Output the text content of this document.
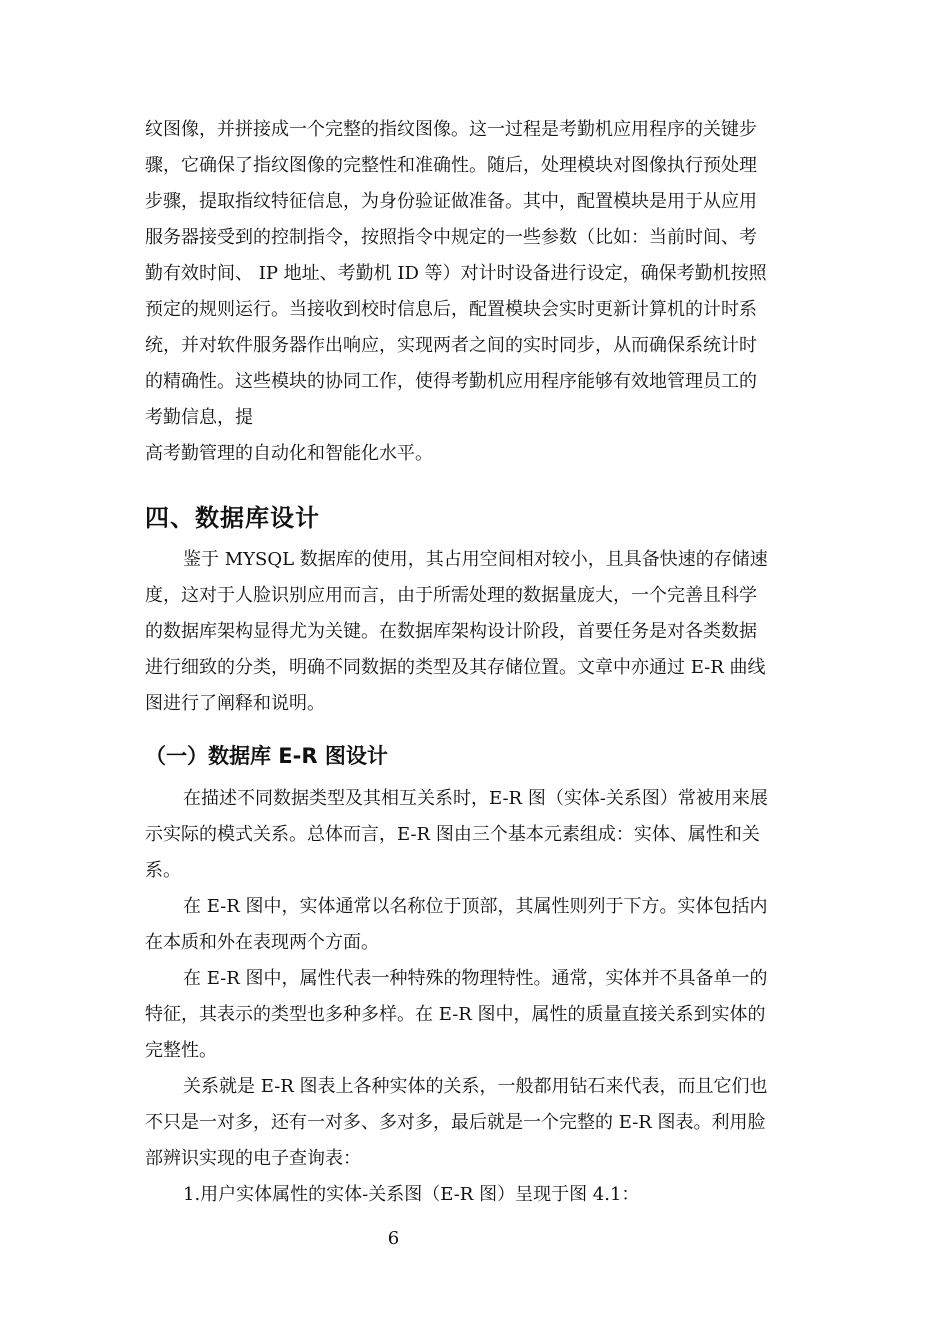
纹图像，并拼接成一个完整的指纹图像。这一过程是考勤机应用程序的关键步
骤，它确保了指纹图像的完整性和准确性。随后，处理模块对图像执行预处理
步骤，提取指纹特征信息，为身份验证做准备。其中，配置模块是用于从应用
服务器接受到的控制指令，按照指令中规定的一些参数（比如：当前时间、考
勤有效时间、 IP 地址、考勤机 ID 等）对计时设备进行设定，确保考勤机按照
预定的规则运行。当接收到校时信息后，配置模块会实时更新计算机的计时系
统，并对软件服务器作出响应，实现两者之间的实时同步，从而确保系统计时
的精确性。这些模块的协同工作，使得考勤机应用程序能够有效地管理员工的
考勤信息，提
高考勤管理的自动化和智能化水平。
四、数据库设计
鉴于 MYSQL 数据库的使用，其占用空间相对较小，且具备快速的存储速
度，这对于人脸识别应用而言，由于所需处理的数据量庞大，一个完善且科学
的数据库架构显得尤为关键。在数据库架构设计阶段，首要任务是对各类数据
进行细致的分类，明确不同数据的类型及其存储位置。文章中亦通过 E-R 曲线
图进行了阐释和说明。
（一）数据库 E-R 图设计
在描述不同数据类型及其相互关系时，E-R 图（实体-关系图）常被用来展
示实际的模式关系。总体而言，E-R 图由三个基本元素组成：实体、属性和关
系。
在 E-R 图中，实体通常以名称位于顶部，其属性则列于下方。实体包括内
在本质和外在表现两个方面。
在 E-R 图中，属性代表一种特殊的物理特性。通常，实体并不具备单一的
特征，其表示的类型也多种多样。在 E-R 图中，属性的质量直接关系到实体的
完整性。
关系就是 E-R 图表上各种实体的关系，一般都用钻石来代表，而且它们也
不只是一对多，还有一对多、多对多，最后就是一个完整的 E-R 图表。利用脸
部辨识实现的电子查询表：
1.用户实体属性的实体-关系图（E-R 图）呈现于图 4.1：
6
